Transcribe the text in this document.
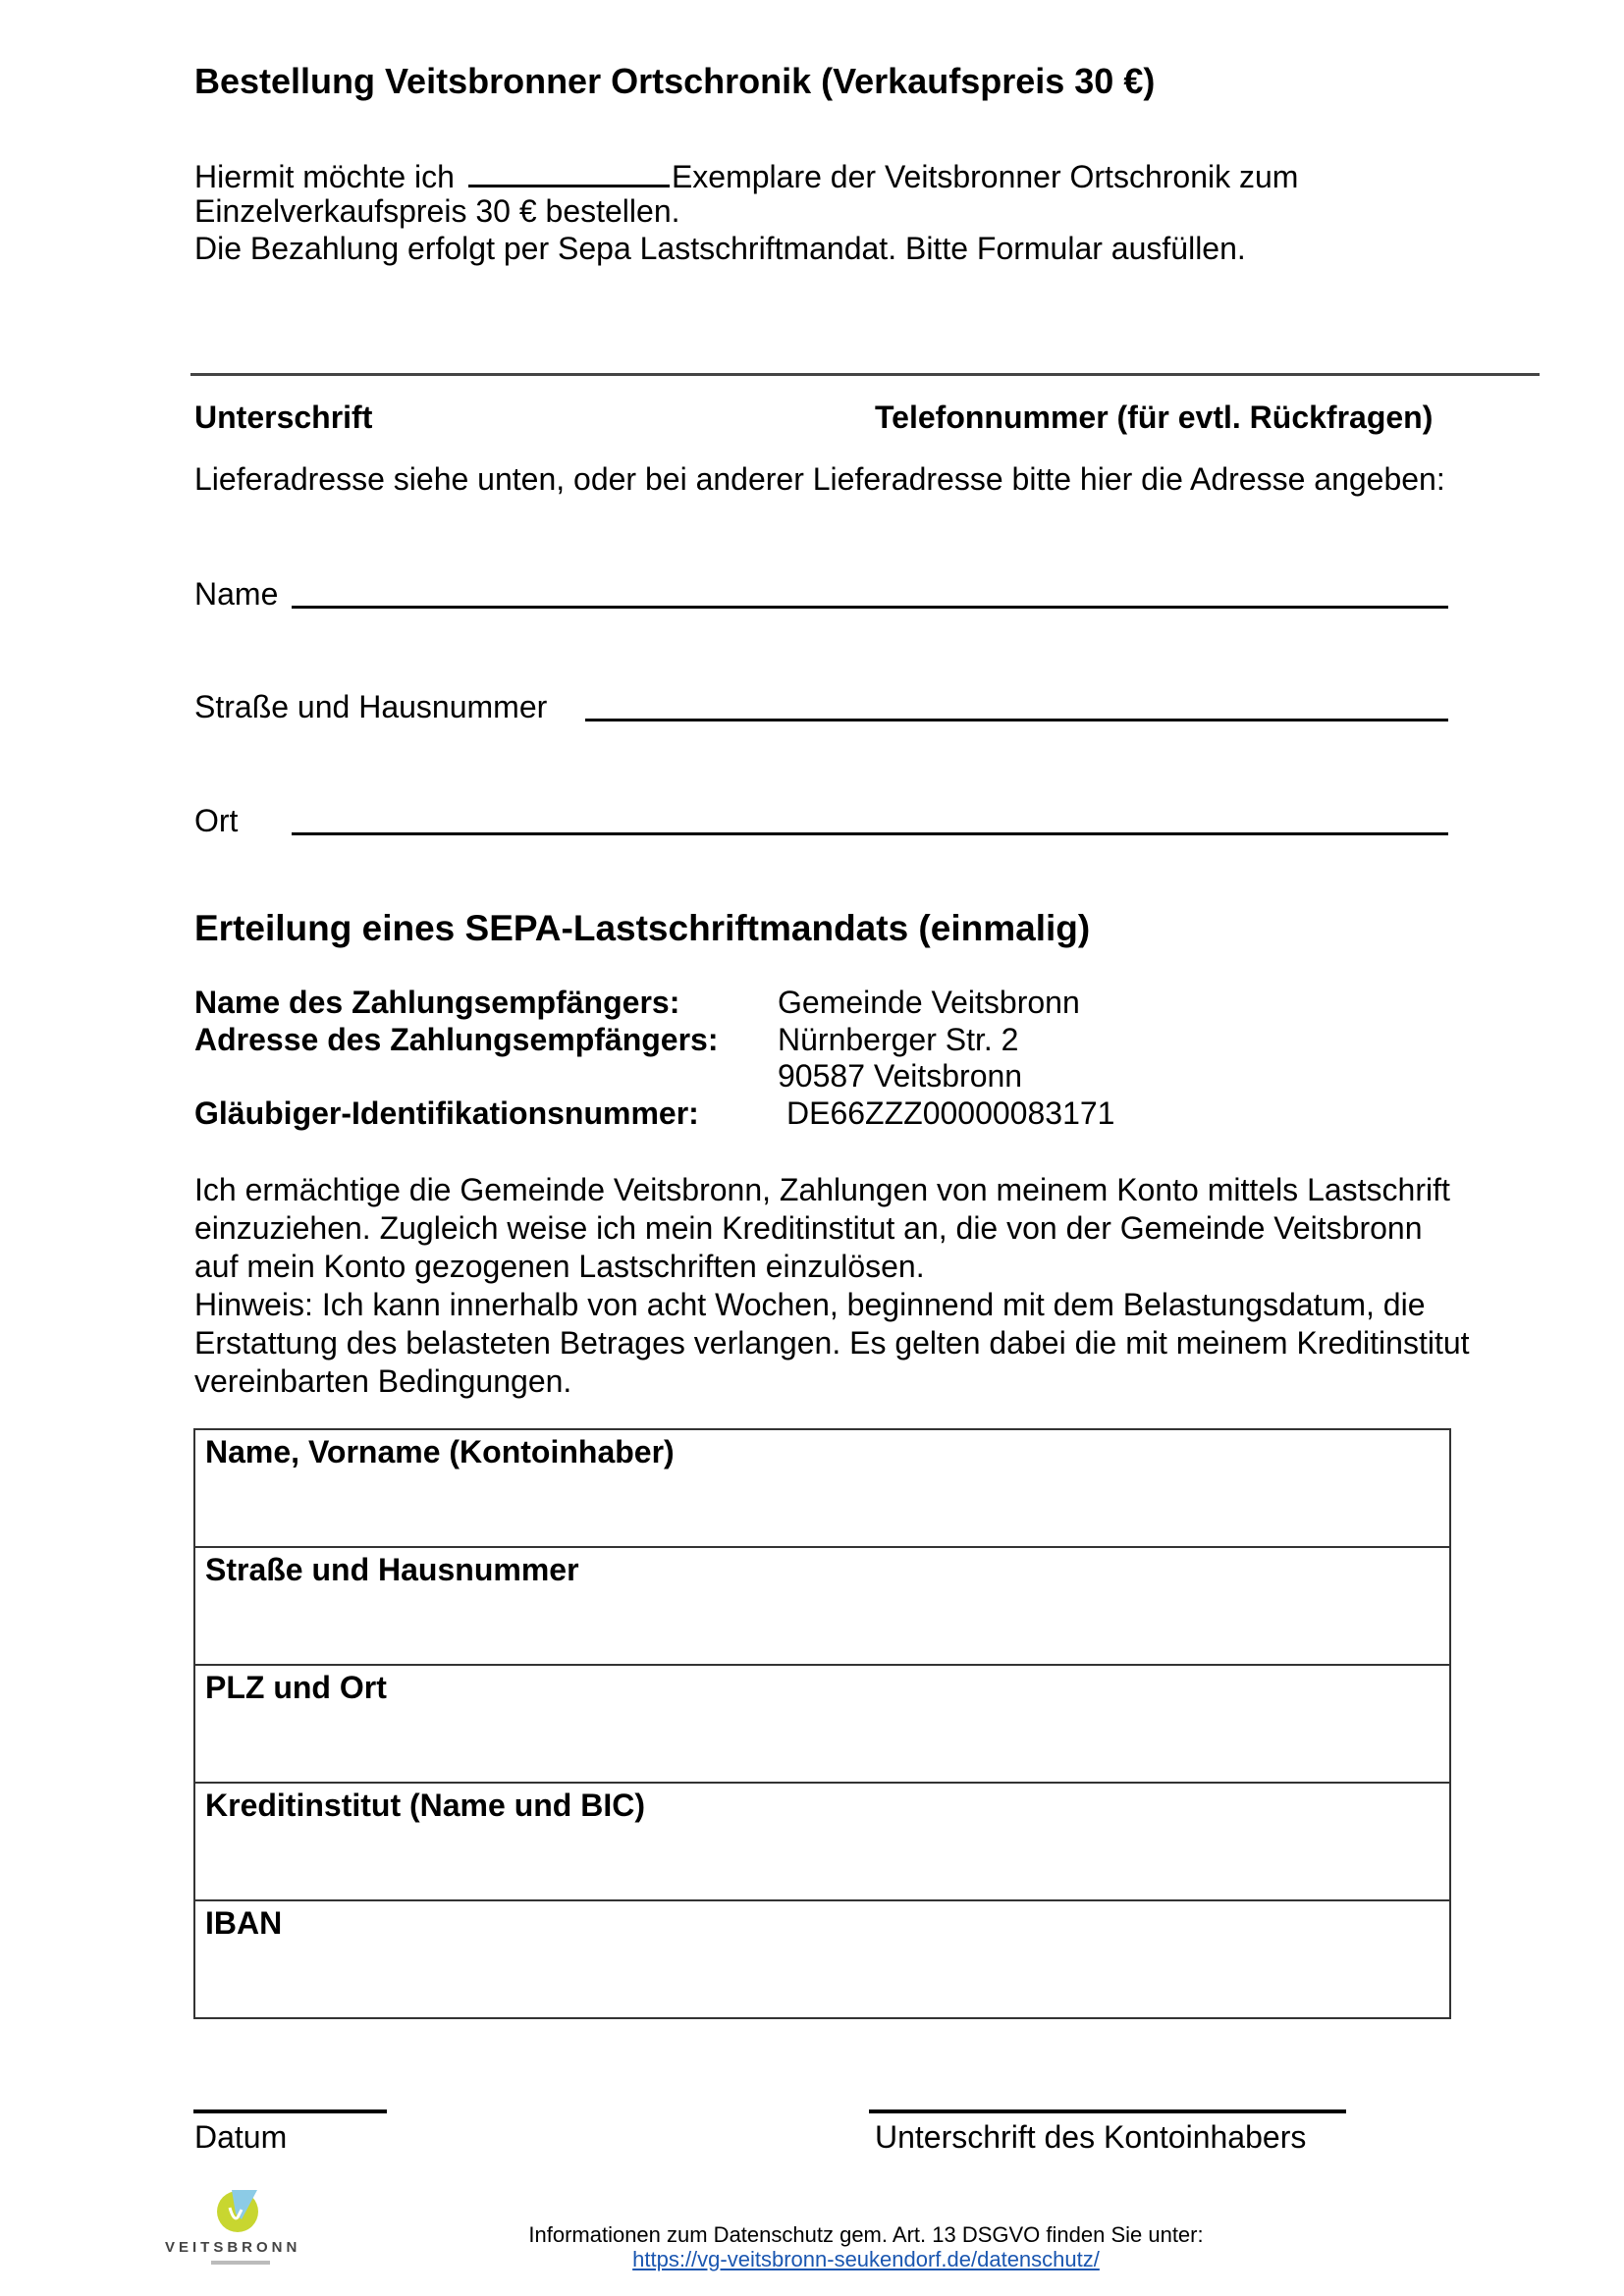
Bestellung Veitsbronner Ortschronik (Verkaufspreis 30 €)
Hiermit möchte ich	Exemplare der Veitsbronner Ortschronik zum
Einzelverkaufspreis 30 € bestellen.
Die Bezahlung erfolgt per Sepa Lastschriftmandat. Bitte Formular ausfüllen.
Unterschrift	Telefonnummer (für evtl. Rückfragen)
Lieferadresse siehe unten, oder bei anderer Lieferadresse bitte hier die Adresse angeben:
Name
Straße und Hausnummer
Ort
Erteilung eines SEPA-Lastschriftmandats (einmalig)
Name des Zahlungsempfängers:	Gemeinde Veitsbronn
Adresse des Zahlungsempfängers: Nürnberger Str. 2
90587 Veitsbronn
Gläubiger-Identifikationsnummer:	DE66ZZZ00000083171
Ich ermächtige die Gemeinde Veitsbronn, Zahlungen von meinem Konto mittels Lastschrift
einzuziehen. Zugleich weise ich mein Kreditinstitut an, die von der Gemeinde Veitsbronn
auf mein Konto gezogenen Lastschriften einzulösen.
Hinweis: Ich kann innerhalb von acht Wochen, beginnend mit dem Belastungsdatum, die
Erstattung des belasteten Betrages verlangen. Es gelten dabei die mit meinem Kreditinstitut
vereinbarten Bedingungen.
Name, Vorname (Kontoinhaber)
Straße und Hausnummer
PLZ und Ort
Kreditinstitut (Name und BIC)
IBAN
Datum	Unterschrift des Kontoinhabers
VEITSBRONN
Informationen zum Datenschutz gem. Art. 13 DSGVO finden Sie unter:
https://vg-veitsbronn-seukendorf.de/datenschutz/
